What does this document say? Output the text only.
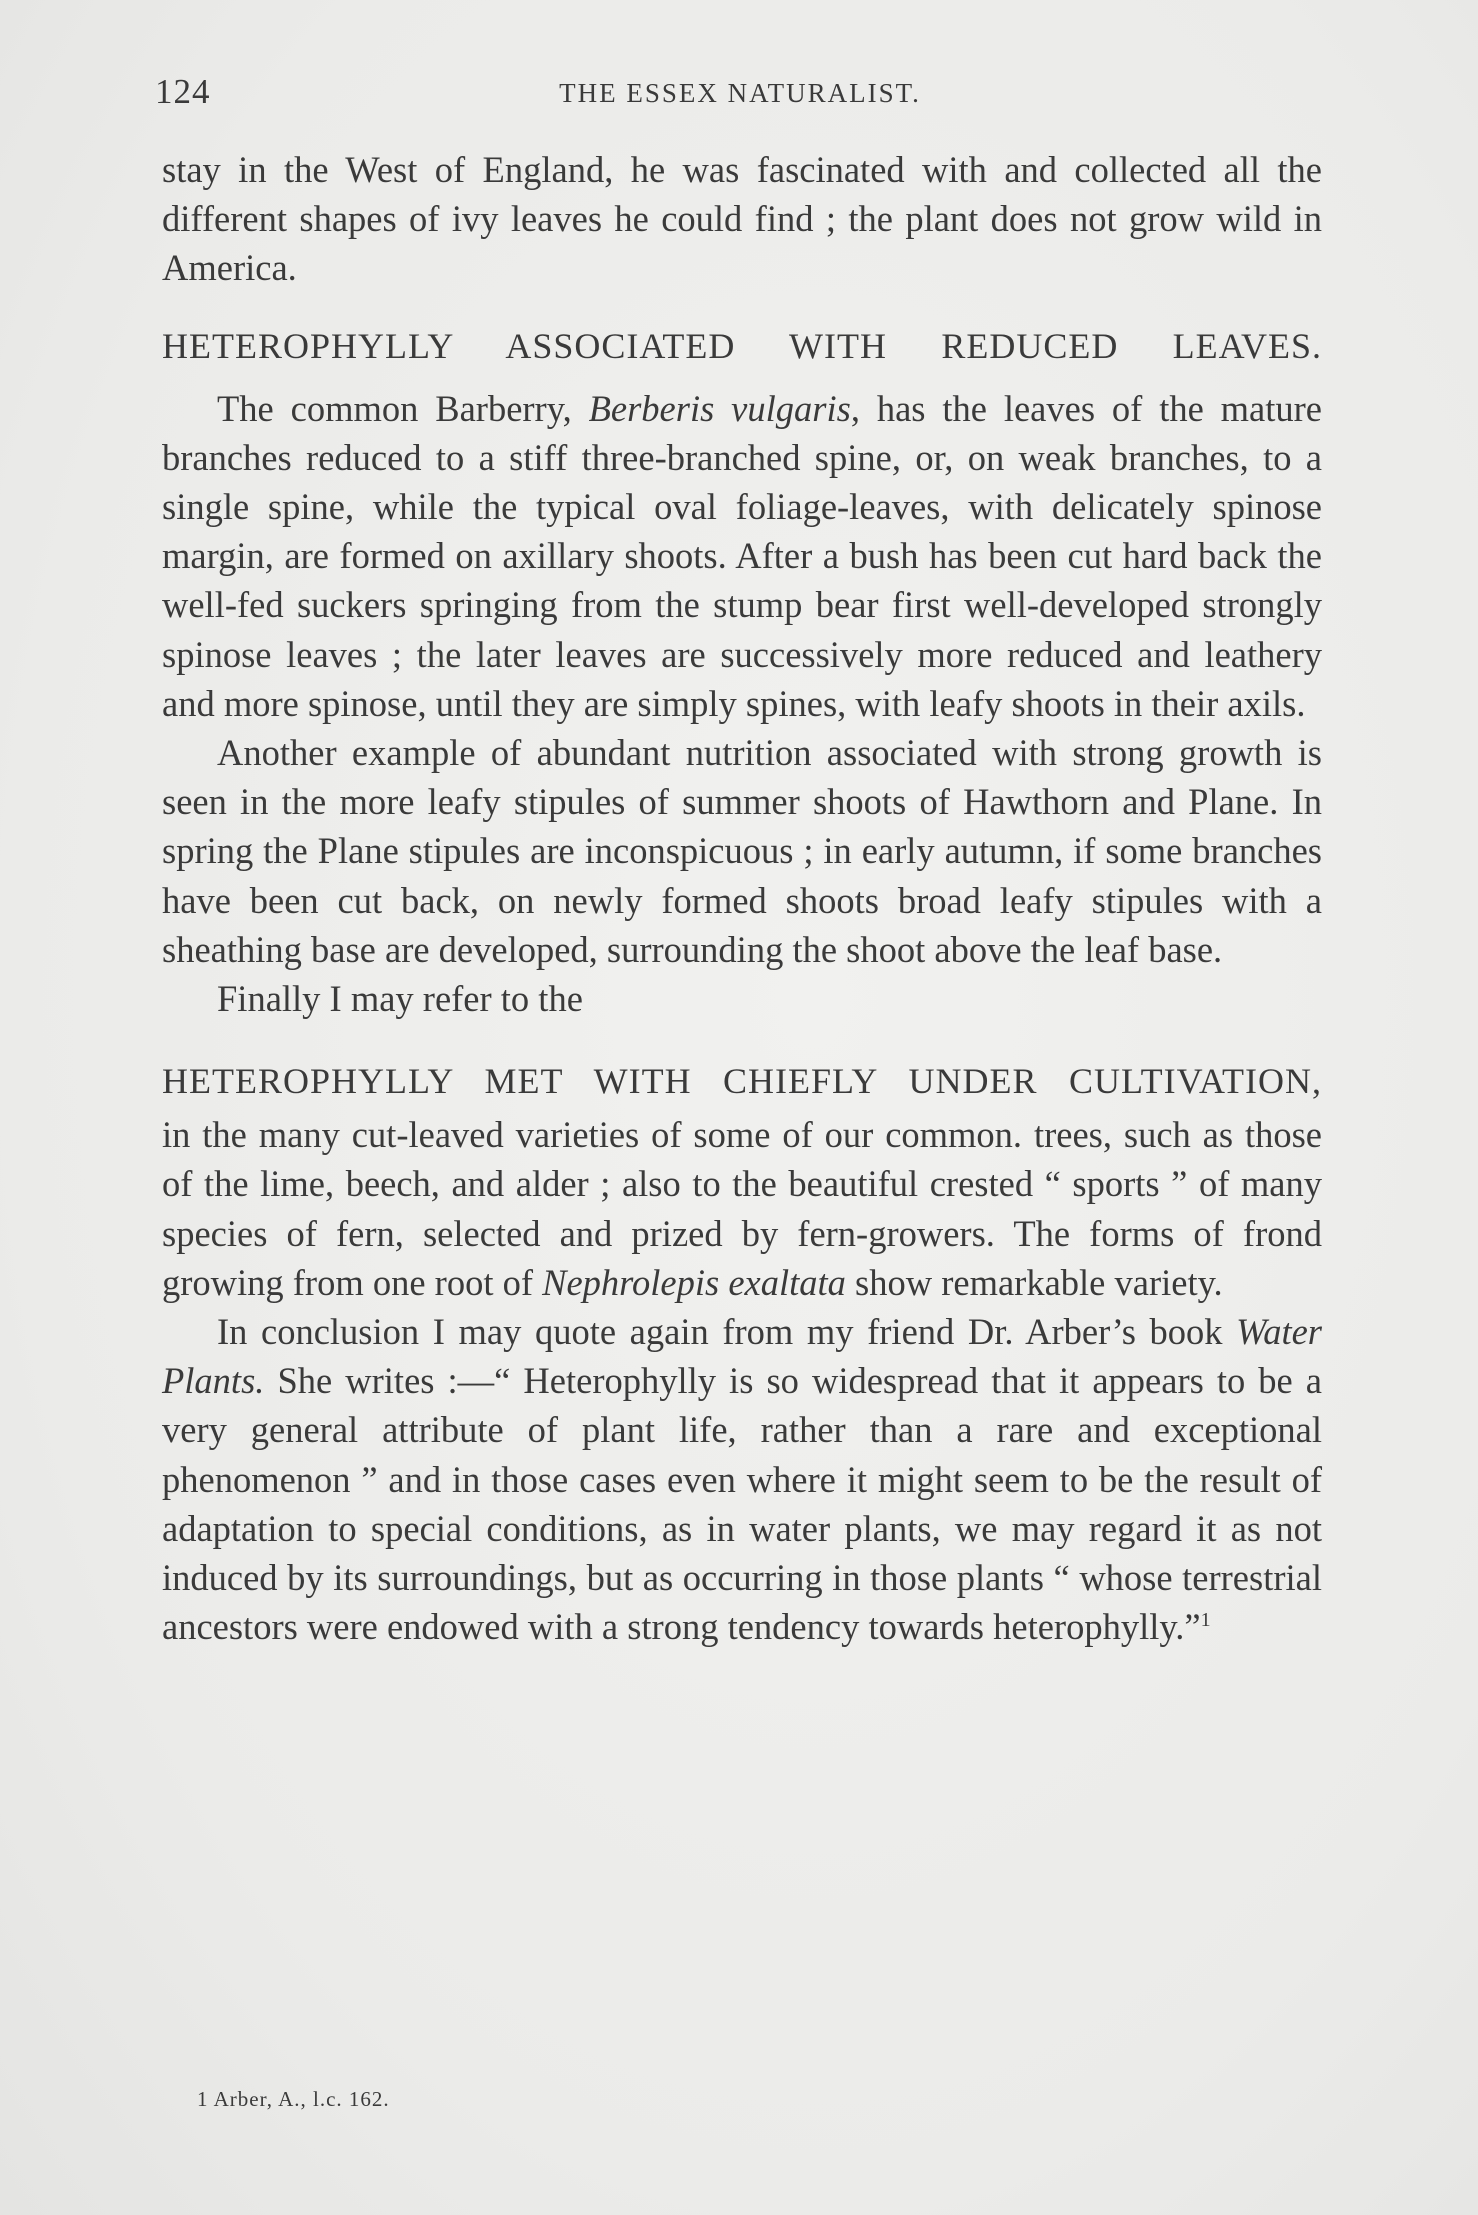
124	THE ESSEX NATURALIST.

stay in the West of England, he was fascinated with and collected all the different shapes of ivy leaves he could find ; the plant does not grow wild in America.

HETEROPHYLLY ASSOCIATED WITH REDUCED LEAVES.

The common Barberry, Berberis vulgaris, has the leaves of the mature branches reduced to a stiff three-branched spine, or, on weak branches, to a single spine, while the typical oval foliage-leaves, with delicately spinose margin, are formed on axillary shoots. After a bush has been cut hard back the well-fed suckers springing from the stump bear first well-developed strongly spinose leaves ; the later leaves are successively more reduced and leathery and more spinose, until they are simply spines, with leafy shoots in their axils.

Another example of abundant nutrition associated with strong growth is seen in the more leafy stipules of summer shoots of Hawthorn and Plane. In spring the Plane stipules are inconspicuous ; in early autumn, if some branches have been cut back, on newly formed shoots broad leafy stipules with a sheathing base are developed, surrounding the shoot above the leaf base.

Finally I may refer to the

HETEROPHYLLY MET WITH CHIEFLY UNDER CULTIVATION,

in the many cut-leaved varieties of some of our common. trees, such as those of the lime, beech, and alder ; also to the beautiful crested “ sports ” of many species of fern, selected and prized by fern-growers. The forms of frond growing from one root of Nephrolepis exaltata show remarkable variety.

In conclusion I may quote again from my friend Dr. Arber’s book Water Plants. She writes :—“ Heterophylly is so widespread that it appears to be a very general attribute of plant life, rather than a rare and exceptional phenomenon ” and in those cases even where it might seem to be the result of adaptation to special conditions, as in water plants, we may regard it as not induced by its surroundings, but as occurring in those plants “ whose terrestrial ancestors were endowed with a strong tendency towards heterophylly.”$^1$

1 Arber, A., l.c. 162.
